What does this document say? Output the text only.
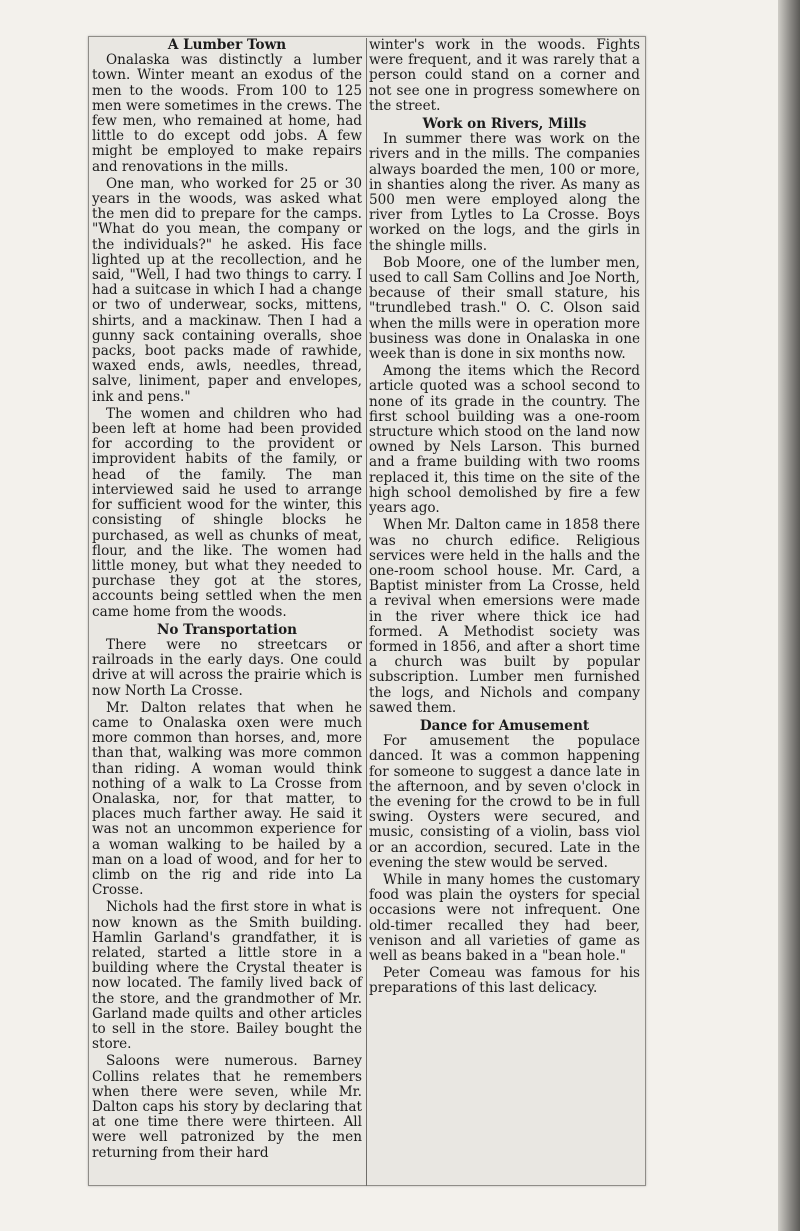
A Lumber Town

Onalaska was distinctly a lumber town. Winter meant an exodus of the men to the woods. From 100 to 125 men were sometimes in the crews. The few men, who remained at home, had little to do except odd jobs. A few might be employed to make repairs and renovations in the mills.

One man, who worked for 25 or 30 years in the woods, was asked what the men did to prepare for the camps. "What do you mean, the company or the individuals?" he asked. His face lighted up at the recollection, and he said, "Well, I had two things to carry. I had a suitcase in which I had a change or two of underwear, socks, mittens, shirts, and a mackinaw. Then I had a gunny sack containing overalls, shoe packs, boot packs made of rawhide, waxed ends, awls, needles, thread, salve, liniment, paper and envelopes, ink and pens."

The women and children who had been left at home had been provided for according to the provident or improvident habits of the family, or head of the family. The man interviewed said he used to arrange for sufficient wood for the winter, this consisting of shingle blocks he purchased, as well as chunks of meat, flour, and the like. The women had little money, but what they needed to purchase they got at the stores, accounts being settled when the men came home from the woods.

No Transportation

There were no streetcars or railroads in the early days. One could drive at will across the prairie which is now North La Crosse.

Mr. Dalton relates that when he came to Onalaska oxen were much more common than horses, and, more than that, walking was more common than riding. A woman would think nothing of a walk to La Crosse from Onalaska, nor, for that matter, to places much farther away. He said it was not an uncommon experience for a woman walking to be hailed by a man on a load of wood, and for her to climb on the rig and ride into La Crosse.

Nichols had the first store in what is now known as the Smith building. Hamlin Garland's grandfather, it is related, started a little store in a building where the Crystal theater is now located. The family lived back of the store, and the grandmother of Mr. Garland made quilts and other articles to sell in the store. Bailey bought the store.

Saloons were numerous. Barney Collins relates that he remembers when there were seven, while Mr. Dalton caps his story by declaring that at one time there were thirteen. All were well patronized by the men returning from their hard

winter's work in the woods. Fights were frequent, and it was rarely that a person could stand on a corner and not see one in progress somewhere on the street.

Work on Rivers, Mills

In summer there was work on the rivers and in the mills. The companies always boarded the men, 100 or more, in shanties along the river. As many as 500 men were employed along the river from Lytles to La Crosse. Boys worked on the logs, and the girls in the shingle mills.

Bob Moore, one of the lumber men, used to call Sam Collins and Joe North, because of their small stature, his "trundlebed trash." O. C. Olson said when the mills were in operation more business was done in Onalaska in one week than is done in six months now.

Among the items which the Record article quoted was a school second to none of its grade in the country. The first school building was a one-room structure which stood on the land now owned by Nels Larson. This burned and a frame building with two rooms replaced it, this time on the site of the high school demolished by fire a few years ago.

When Mr. Dalton came in 1858 there was no church edifice. Religious services were held in the halls and the one-room school house. Mr. Card, a Baptist minister from La Crosse, held a revival when emersions were made in the river where thick ice had formed. A Methodist society was formed in 1856, and after a short time a church was built by popular subscription. Lumber men furnished the logs, and Nichols and company sawed them.

Dance for Amusement

For amusement the populace danced. It was a common happening for someone to suggest a dance late in the afternoon, and by seven o'clock in the evening for the crowd to be in full swing. Oysters were secured, and music, consisting of a violin, bass viol or an accordion, secured. Late in the evening the stew would be served.

While in many homes the customary food was plain the oysters for special occasions were not infrequent. One old-timer recalled they had beer, venison and all varieties of game as well as beans baked in a "bean hole."

Peter Comeau was famous for his preparations of this last delicacy.
